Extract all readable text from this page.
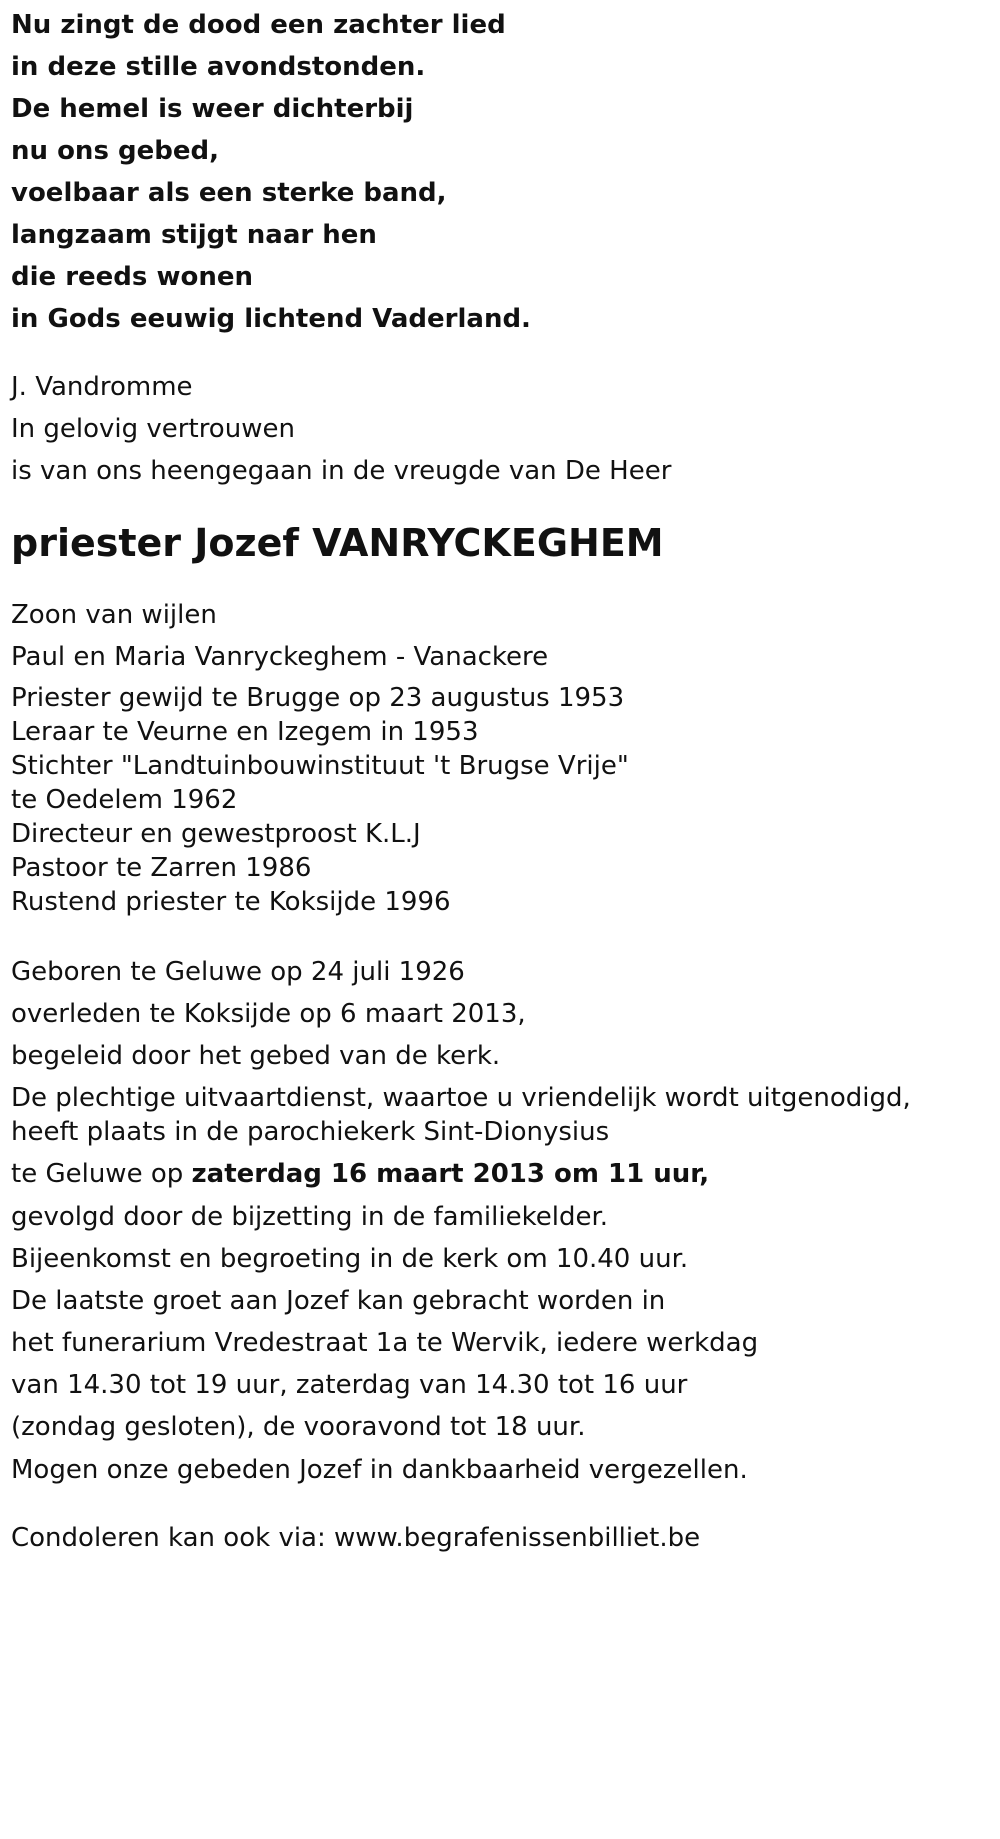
Nu zingt de dood een zachter lied
in deze stille avondstonden.
De hemel is weer dichterbij
nu ons gebed,
voelbaar als een sterke band,
langzaam stijgt naar hen
die reeds wonen
in Gods eeuwig lichtend Vaderland.
J. Vandromme
In gelovig vertrouwen
is van ons heengegaan in de vreugde van De Heer
priester Jozef VANRYCKEGHEM
Zoon van wijlen
Paul en Maria Vanryckeghem - Vanackere
Priester gewijd te Brugge op 23 augustus 1953
Leraar te Veurne en Izegem in 1953
Stichter "Landtuinbouwinstituut 't Brugse Vrije"
te Oedelem 1962
Directeur en gewestproost K.L.J
Pastoor te Zarren 1986
Rustend priester te Koksijde 1996
Geboren te Geluwe op 24 juli 1926
overleden te Koksijde op 6 maart 2013,
begeleid door het gebed van de kerk.
De plechtige uitvaartdienst, waartoe u vriendelijk wordt uitgenodigd,
heeft plaats in de parochiekerk Sint-Dionysius
te Geluwe op zaterdag 16 maart 2013 om 11 uur,
gevolgd door de bijzetting in de familiekelder.
Bijeenkomst en begroeting in de kerk om 10.40 uur.
De laatste groet aan Jozef kan gebracht worden in
het funerarium Vredestraat 1a te Wervik, iedere werkdag
van 14.30 tot 19 uur, zaterdag van 14.30 tot 16 uur
(zondag gesloten), de vooravond tot 18 uur.
Mogen onze gebeden Jozef in dankbaarheid vergezellen.
Condoleren kan ook via: www.begrafenissenbilliet.be
